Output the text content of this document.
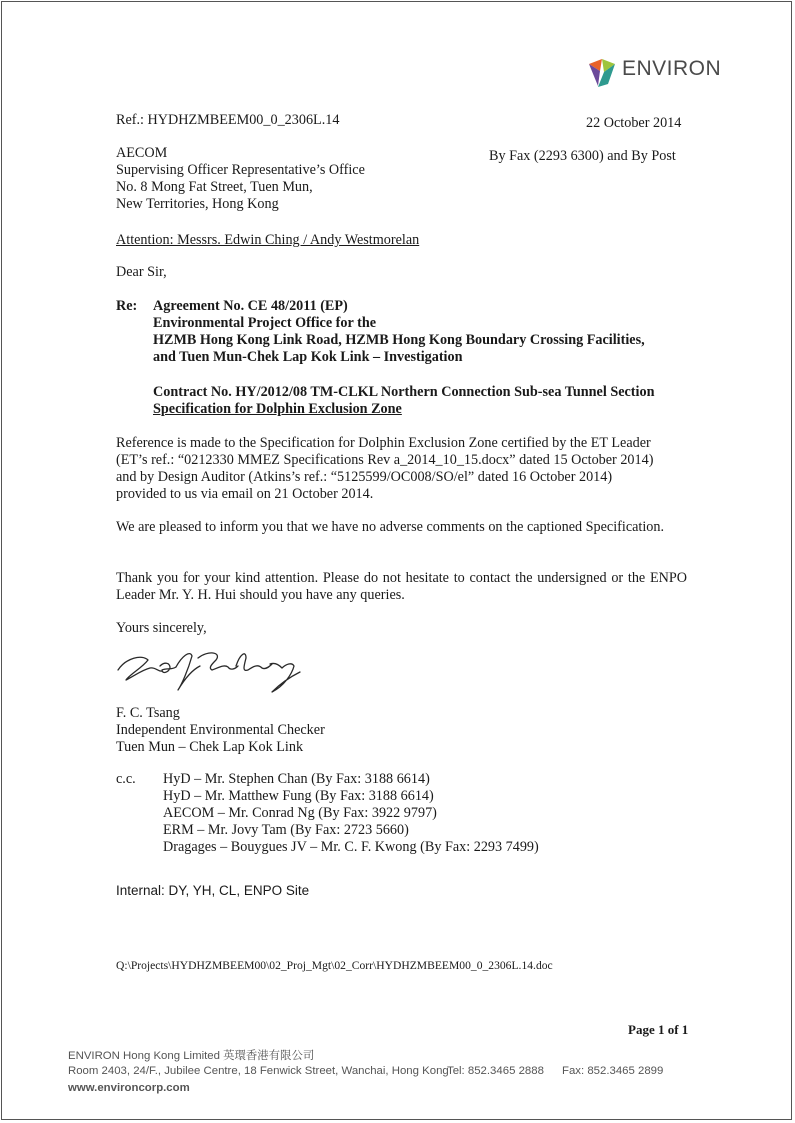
ENVIRON
Ref.: HYDHZMBEEM00_0_2306L.14	22 October 2014
AECOM
Supervising Officer Representative’s Office
No. 8 Mong Fat Street, Tuen Mun,
New Territories, Hong Kong
By Fax (2293 6300) and By Post
Attention: Messrs. Edwin Ching / Andy Westmorelan
Dear Sir,
Re: Agreement No. CE 48/2011 (EP)
Environmental Project Office for the
HZMB Hong Kong Link Road, HZMB Hong Kong Boundary Crossing Facilities,
and Tuen Mun-Chek Lap Kok Link – Investigation
Contract No. HY/2012/08 TM-CLKL Northern Connection Sub-sea Tunnel Section
Specification for Dolphin Exclusion Zone
Reference is made to the Specification for Dolphin Exclusion Zone certified by the ET Leader
(ET’s ref.: “0212330 MMEZ Specifications Rev a_2014_10_15.docx” dated 15 October 2014)
and by Design Auditor (Atkins’s ref.: “5125599/OC008/SO/el” dated 16 October 2014)
provided to us via email on 21 October 2014.
We are pleased to inform you that we have no adverse comments on the captioned Specification.
Thank you for your kind attention. Please do not hesitate to contact the undersigned or the ENPO Leader Mr. Y. H. Hui should you have any queries.
Yours sincerely,
F. C. Tsang
Independent Environmental Checker
Tuen Mun – Chek Lap Kok Link
c.c. HyD – Mr. Stephen Chan (By Fax: 3188 6614)
HyD – Mr. Matthew Fung (By Fax: 3188 6614)
AECOM – Mr. Conrad Ng (By Fax: 3922 9797)
ERM – Mr. Jovy Tam (By Fax: 2723 5660)
Dragages – Bouygues JV – Mr. C. F. Kwong (By Fax: 2293 7499)
Internal: DY, YH, CL, ENPO Site
Q:\Projects\HYDHZMBEEM00\02_Proj_Mgt\02_Corr\HYDHZMBEEM00_0_2306L.14.doc
Page 1 of 1
ENVIRON Hong Kong Limited 英環香港有限公司
Room 2403, 24/F., Jubilee Centre, 18 Fenwick Street, Wanchai, Hong Kong
Tel: 852.3465 2888 Fax: 852.3465 2899
www.environcorp.com
